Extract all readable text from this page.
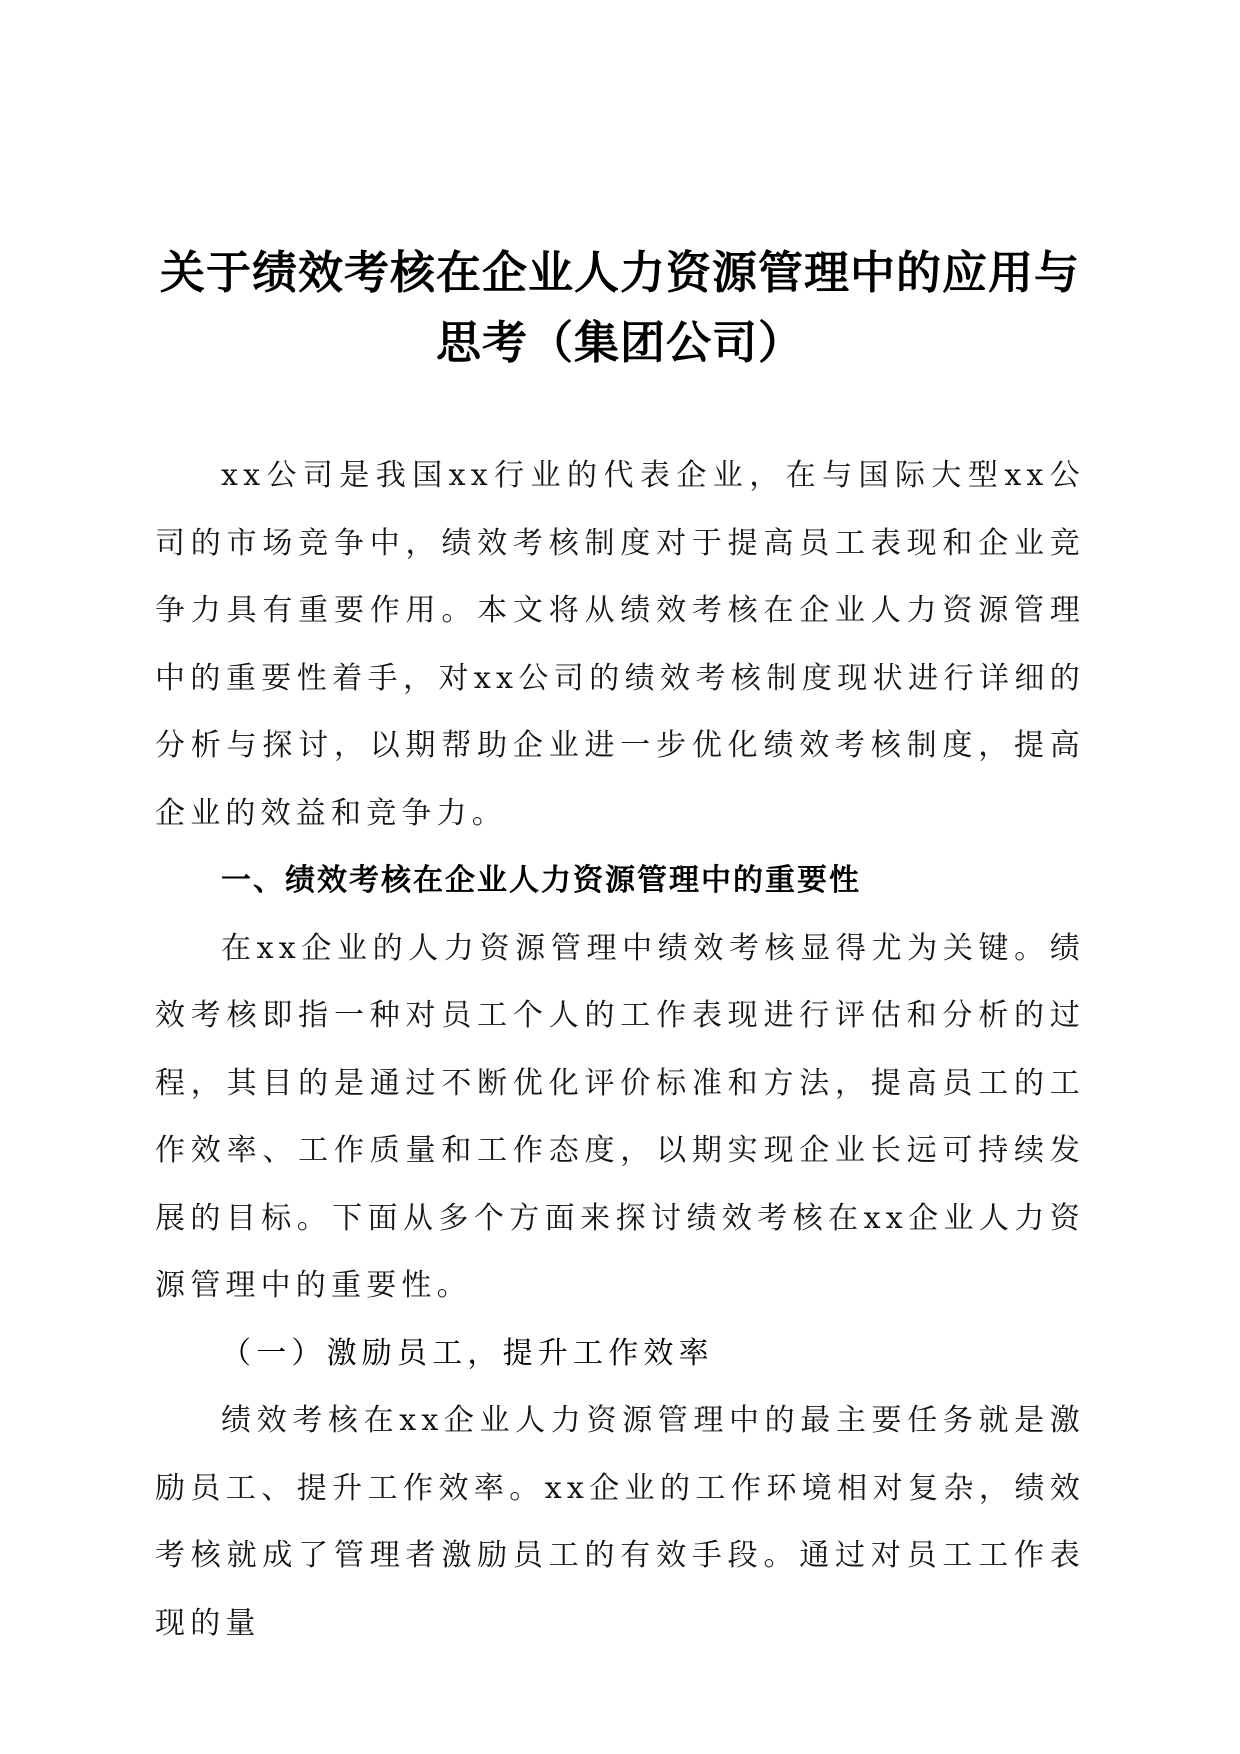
关于绩效考核在企业人力资源管理中的应用与
思考（集团公司）

xx公司是我国xx行业的代表企业，在与国际大型xx公司的市场竞争中，绩效考核制度对于提高员工表现和企业竞争力具有重要作用。本文将从绩效考核在企业人力资源管理中的重要性着手，对xx公司的绩效考核制度现状进行详细的分析与探讨，以期帮助企业进一步优化绩效考核制度，提高企业的效益和竞争力。

一、绩效考核在企业人力资源管理中的重要性

在xx企业的人力资源管理中绩效考核显得尤为关键。绩效考核即指一种对员工个人的工作表现进行评估和分析的过程，其目的是通过不断优化评价标准和方法，提高员工的工作效率、工作质量和工作态度，以期实现企业长远可持续发展的目标。下面从多个方面来探讨绩效考核在xx企业人力资源管理中的重要性。

（一）激励员工，提升工作效率

绩效考核在xx企业人力资源管理中的最主要任务就是激励员工、提升工作效率。xx企业的工作环境相对复杂，绩效考核就成了管理者激励员工的有效手段。通过对员工工作表现的量
